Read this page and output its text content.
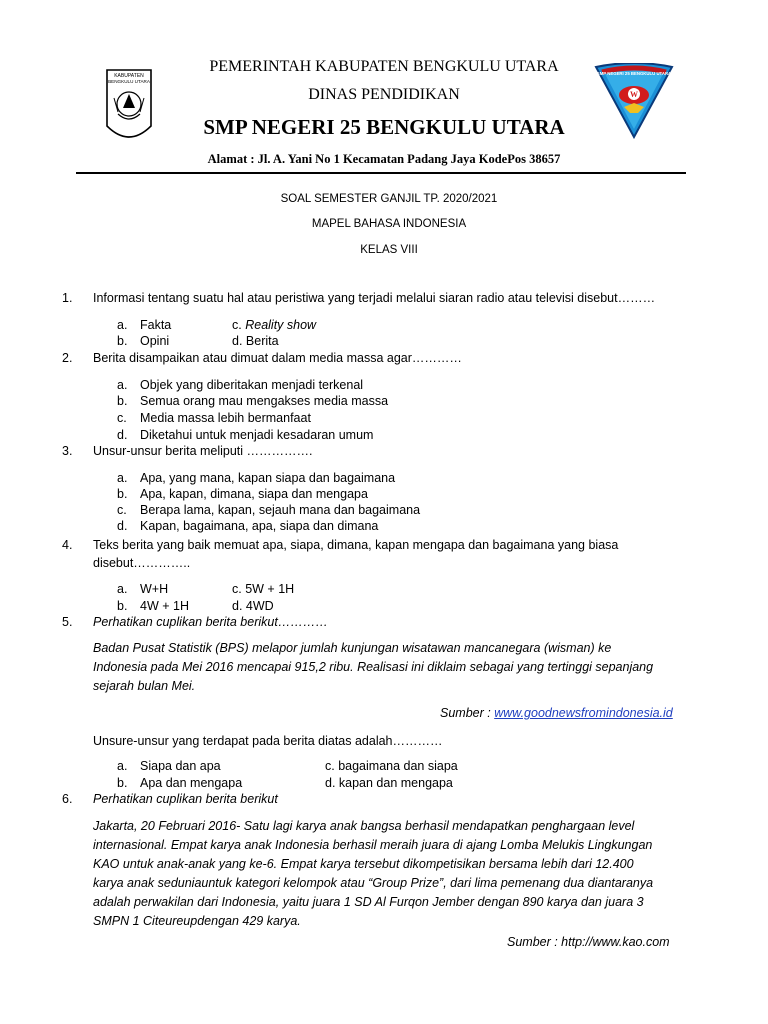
KABUPATEN
BENGKULU UTARA
SMP NEGERI 25 BENGKULU UTARA
W
PEMERINTAH KABUPATEN BENGKULU UTARA
DINAS PENDIDIKAN
SMP NEGERI 25 BENGKULU UTARA
Alamat : Jl. A. Yani No 1 Kecamatan Padang Jaya KodePos 38657
SOAL SEMESTER GANJIL TP. 2020/2021
MAPEL BAHASA INDONESIA
KELAS VIII
1. Informasi tentang suatu hal atau peristiwa yang terjadi melalui siaran radio atau televisi disebut………
a. Fakta	c. Reality show
b. Opini	d. Berita
2. Berita disampaikan atau dimuat dalam media massa agar…………
a. Objek yang diberitakan menjadi terkenal
b. Semua orang mau mengakses media massa
c. Media massa lebih bermanfaat
d. Diketahui untuk menjadi kesadaran umum
3. Unsur-unsur berita meliputi …………….
a. Apa, yang mana, kapan siapa dan bagaimana
b. Apa, kapan, dimana, siapa dan mengapa
c. Berapa lama, kapan, sejauh mana dan bagaimana
d. Kapan, bagaimana, apa, siapa dan dimana
4. Teks berita yang baik memuat apa, siapa, dimana, kapan mengapa dan bagaimana yang biasa
disebut…………..
a. W+H	c. 5W + 1H
b. 4W + 1H	d. 4WD
5. Perhatikan cuplikan berita berikut…………
Badan Pusat Statistik (BPS) melapor jumlah kunjungan wisatawan mancanegara (wisman) ke
Indonesia pada Mei 2016 mencapai 915,2 ribu. Realisasi ini diklaim sebagai yang tertinggi sepanjang
sejarah bulan Mei.
Sumber : www.goodnewsfromindonesia.id
Unsure-unsur yang terdapat pada berita diatas adalah…………
a. Siapa dan apa	c. bagaimana dan siapa
b. Apa dan mengapa	d. kapan dan mengapa
6. Perhatikan cuplikan berita berikut
Jakarta, 20 Februari 2016- Satu lagi karya anak bangsa berhasil mendapatkan penghargaan level
internasional. Empat karya anak Indonesia berhasil meraih juara di ajang Lomba Melukis Lingkungan
KAO untuk anak-anak yang ke-6. Empat karya tersebut dikompetisikan bersama lebih dari 12.400
karya anak seduniauntuk kategori kelompok atau “Group Prize”, dari lima pemenang dua diantaranya
adalah perwakilan dari Indonesia, yaitu juara 1 SD Al Furqon Jember dengan 890 karya dan juara 3
SMPN 1 Citeureupdengan 429 karya.
Sumber : http://www.kao.com
